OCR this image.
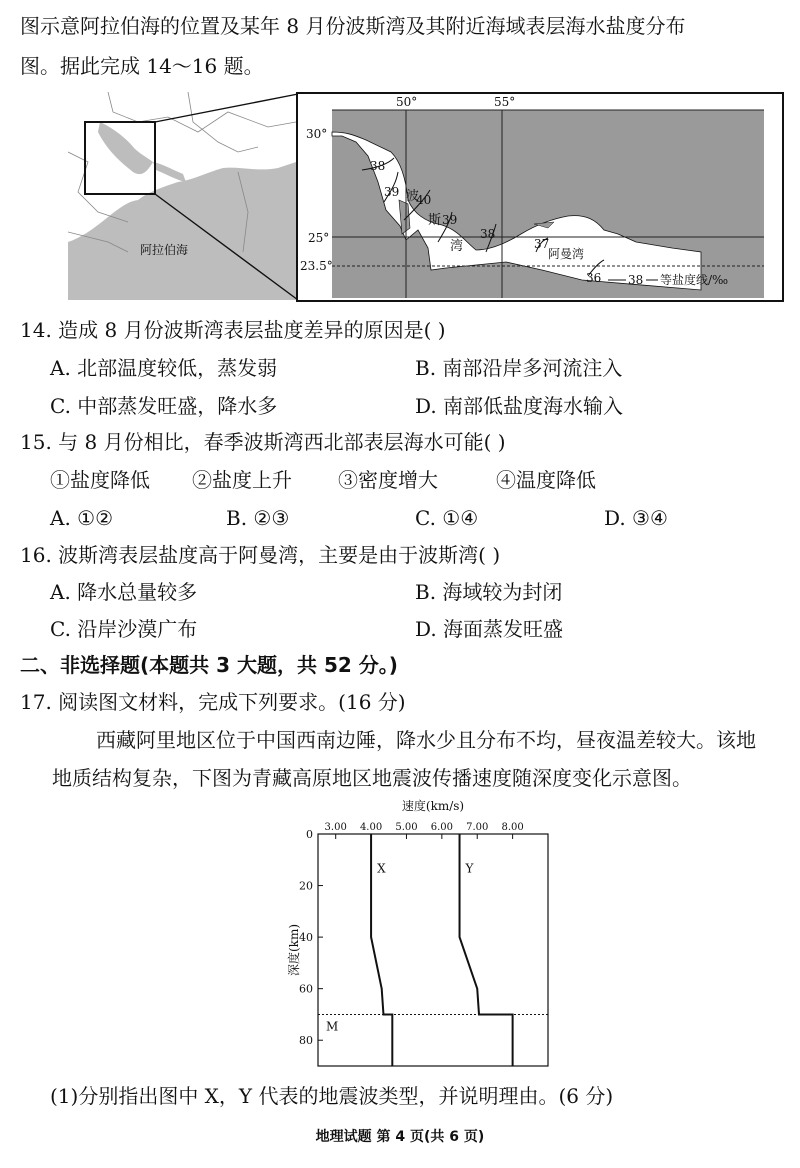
图示意阿拉伯海的位置及某年 8 月份波斯湾及其附近海域表层海水盐度分布
图。据此完成 14～16 题。
阿拉伯海
50°	55°
30°
25°
23.5°
38
39
40
39
38
37
36
波
斯
湾	阿曼湾
38 等盐度线/‰
14. 造成 8 月份波斯湾表层盐度差异的原因是( )
A. 北部温度较低，蒸发弱	B. 南部沿岸多河流注入
C. 中部蒸发旺盛，降水多	D. 南部低盐度海水输入
15. 与 8 月份相比，春季波斯湾西北部表层海水可能( )
①盐度降低 ②盐度上升 ③密度增大	④温度降低
A. ①②	B. ②③	C. ①④	D. ③④
16. 波斯湾表层盐度高于阿曼湾，主要是由于波斯湾( )
A. 降水总量较多	B. 海域较为封闭
C. 沿岸沙漠广布	D. 海面蒸发旺盛
二、非选择题(本题共 3 大题，共 52 分。)
17. 阅读图文材料，完成下列要求。(16 分)
西藏阿里地区位于中国西南边陲，降水少且分布不均，昼夜温差较大。该地
地质结构复杂，下图为青藏高原地区地震波传播速度随深度变化示意图。
速度(km/s)
3.00 4.00 5.00 6.00 7.00 8.00
0
20
40
60
80
深度(km)
M
X	Y
(1)分别指出图中 X，Y 代表的地震波类型，并说明理由。(6 分)
地理试题 第 4 页(共 6 页)
